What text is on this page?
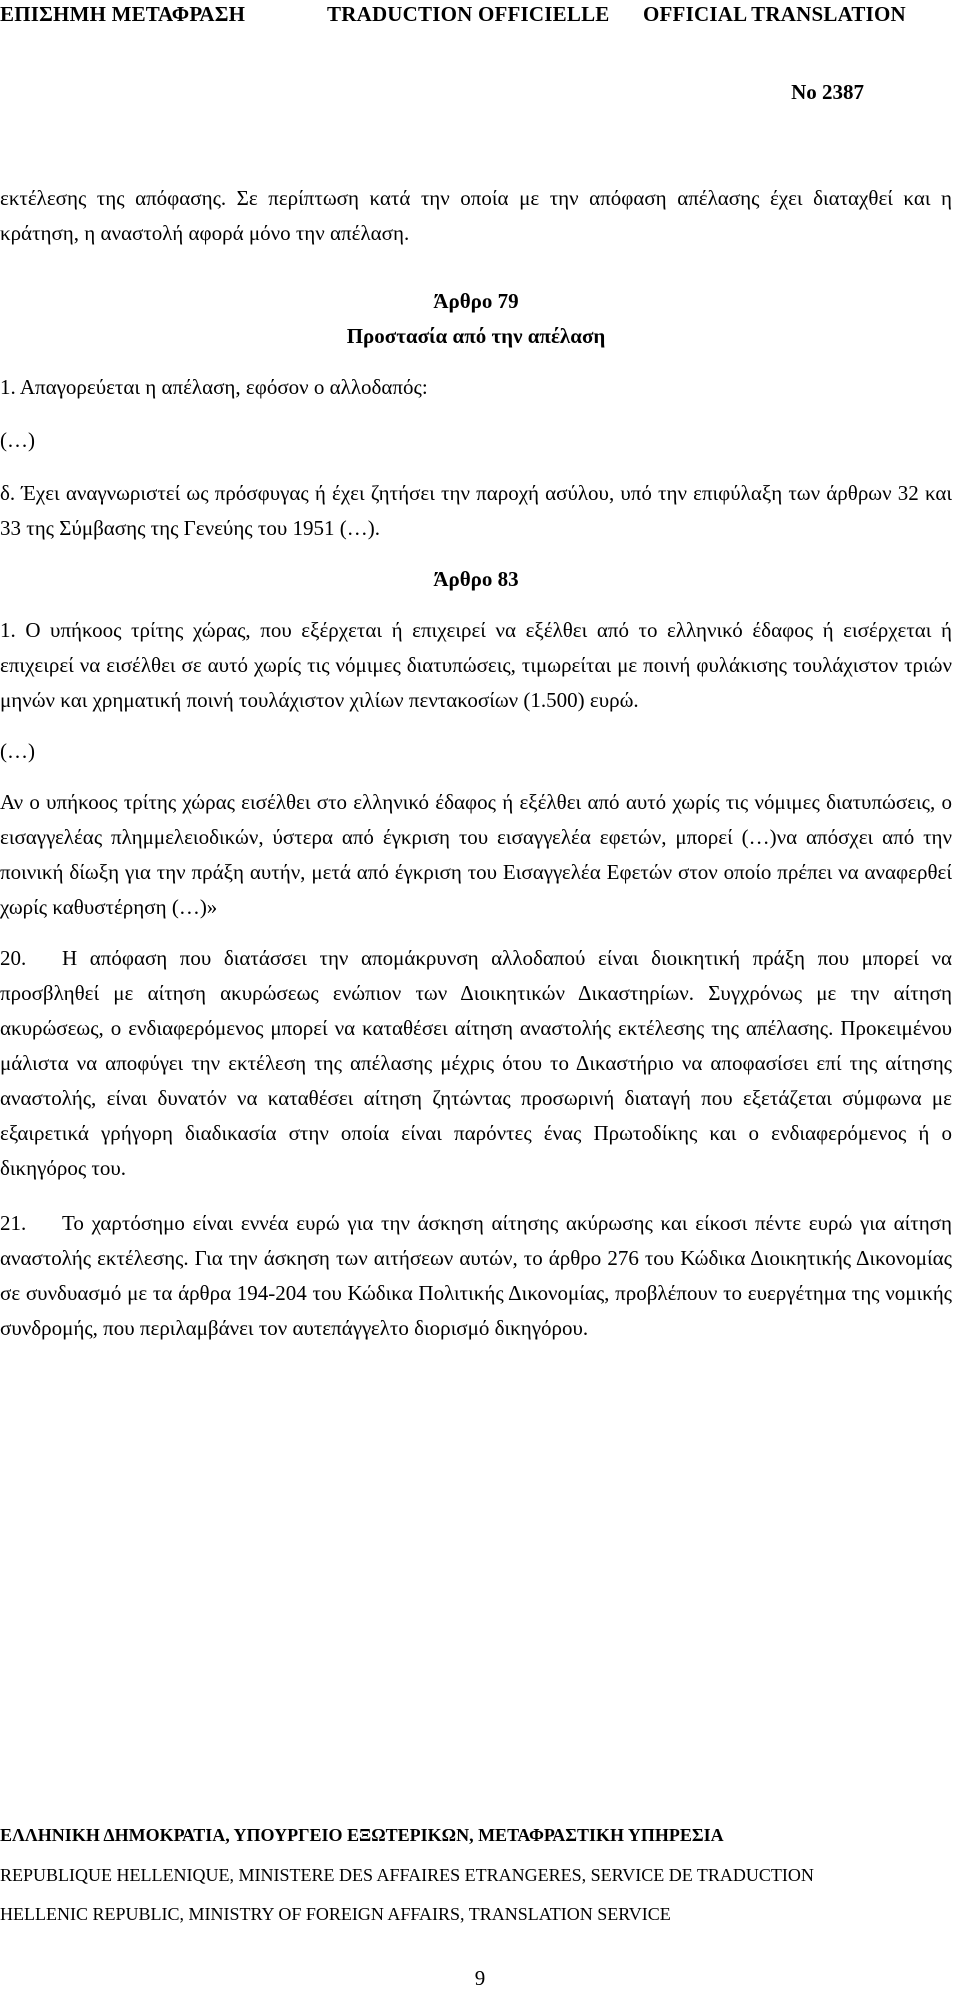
ΕΠΙΣΗΜΗ ΜΕΤΑΦΡΑΣΗ	TRADUCTION OFFICIELLE OFFICIAL TRANSLATION
No 2387

εκτέλεσης της απόφασης. Σε περίπτωση κατά την οποία με την απόφαση απέλασης έχει διαταχθεί και η κράτηση, η αναστολή αφορά μόνο την απέλαση.

Άρθρο 79

Προστασία από την απέλαση

1. Απαγορεύεται η απέλαση, εφόσον ο αλλοδαπός:

(…)

δ. Έχει αναγνωριστεί ως πρόσφυγας ή έχει ζητήσει την παροχή ασύλου, υπό την επιφύλαξη των άρθρων 32 και 33 της Σύμβασης της Γενεύης του 1951 (…).

Άρθρο 83

1. Ο υπήκοος τρίτης χώρας, που εξέρχεται ή επιχειρεί να εξέλθει από το ελληνικό έδαφος ή εισέρχεται ή επιχειρεί να εισέλθει σε αυτό χωρίς τις νόμιμες διατυπώσεις, τιμωρείται με ποινή φυλάκισης τουλάχιστον τριών μηνών και χρηματική ποινή τουλάχιστον χιλίων πεντακοσίων (1.500) ευρώ.

(…)

Αν ο υπήκοος τρίτης χώρας εισέλθει στο ελληνικό έδαφος ή εξέλθει από αυτό χωρίς τις νόμιμες διατυπώσεις, ο εισαγγελέας πλημμελειοδικών, ύστερα από έγκριση του εισαγγελέα εφετών, μπορεί (…)να απόσχει από την ποινική δίωξη για την πράξη αυτήν, μετά από έγκριση του Εισαγγελέα Εφετών στον οποίο πρέπει να αναφερθεί χωρίς καθυστέρηση (…)»

20. Η απόφαση που διατάσσει την απομάκρυνση αλλοδαπού είναι διοικητική πράξη που μπορεί να προσβληθεί με αίτηση ακυρώσεως ενώπιον των Διοικητικών Δικαστηρίων. Συγχρόνως με την αίτηση ακυρώσεως, ο ενδιαφερόμενος μπορεί να καταθέσει αίτηση αναστολής εκτέλεσης της απέλασης. Προκειμένου μάλιστα να αποφύγει την εκτέλεση της απέλασης μέχρις ότου το Δικαστήριο να αποφασίσει επί της αίτησης αναστολής, είναι δυνατόν να καταθέσει αίτηση ζητώντας προσωρινή διαταγή που εξετάζεται σύμφωνα με εξαιρετικά γρήγορη διαδικασία στην οποία είναι παρόντες ένας Πρωτοδίκης και ο ενδιαφερόμενος ή ο δικηγόρος του.

21. Το χαρτόσημο είναι εννέα ευρώ για την άσκηση αίτησης ακύρωσης και είκοσι πέντε ευρώ για αίτηση αναστολής εκτέλεσης. Για την άσκηση των αιτήσεων αυτών, το άρθρο 276 του Κώδικα Διοικητικής Δικονομίας σε συνδυασμό με τα άρθρα 194-204 του Κώδικα Πολιτικής Δικονομίας, προβλέπουν το ευεργέτημα της νομικής συνδρομής, που περιλαμβάνει τον αυτεπάγγελτο διορισμό δικηγόρου.

ΕΛΛΗΝΙΚΗ ΔΗΜΟΚΡΑΤΙΑ, ΥΠΟΥΡΓΕΙΟ ΕΞΩΤΕΡΙΚΩΝ, ΜΕΤΑΦΡΑΣΤΙΚΗ ΥΠΗΡΕΣΙΑ
REPUBLIQUE HELLENIQUE, MINISTERE DES AFFAIRES ETRANGERES, SERVICE DE TRADUCTION
HELLENIC REPUBLIC, MINISTRY OF FOREIGN AFFAIRS, TRANSLATION SERVICE
9
